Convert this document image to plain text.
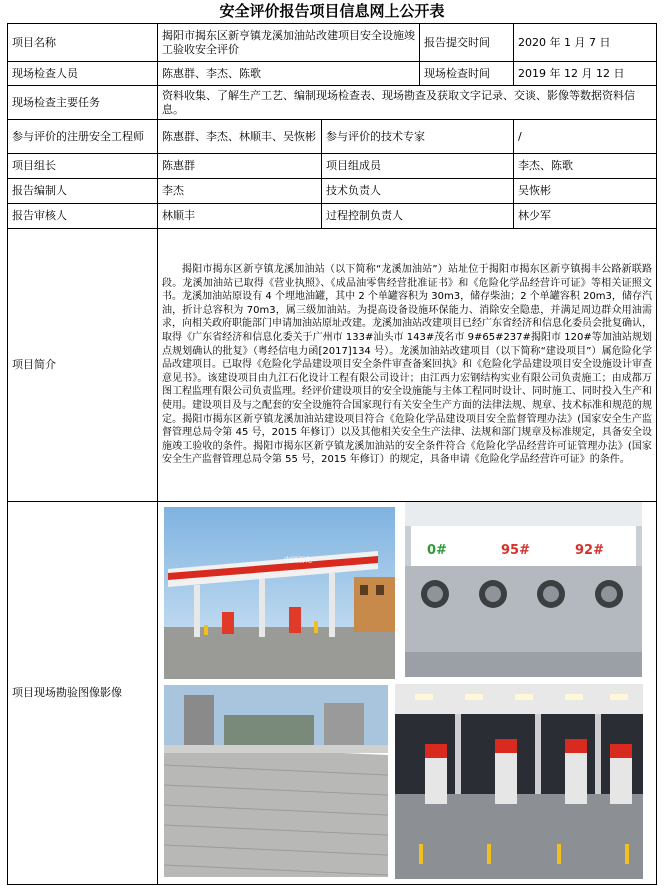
安全评价报告项目信息网上公开表
项目名称	揭阳市揭东区新亨镇龙溪加油站改建项目安全设施竣工验收安全评价		报告提交时间	2020 年 1 月 7 日
现场检查人员	陈惠群、李杰、陈歌		现场检查时间	2019 年 12 月 12 日
现场检查主要任务	资料收集、了解生产工艺、编制现场检查表、现场勘查及获取文字记录、交谈、影像等数据资料信息。			
参与评价的注册安全工程师	陈惠群、李杰、林顺丰、吴恢彬	参与评价的技术专家		/
项目组长	陈惠群	项目组成员		李杰、陈歌
报告编制人	李杰	技术负责人		吴恢彬
报告审核人	林顺丰	过程控制负责人		林少军
项目简介	揭阳市揭东区新亨镇龙溪加油站（以下简称“龙溪加油站”）站址位于揭阳市揭东区新亨镇揭丰公路新联路段。龙溪加油站已取得《营业执照》、《成品油零售经营批准证书》和《危险化学品经营许可证》等相关证照文书。龙溪加油站原设有 4 个埋地油罐，其中 2 个单罐容积为 30m3，储存柴油；2 个单罐容积 20m3，储存汽油，折计总容积为 70m3，属三级加油站。为提高设备设施环保能力、消除安全隐患，并满足周边群众用油需求，向相关政府职能部门申请加油站原址改建。龙溪加油站改建项目已经广东省经济和信息化委员会批复确认，取得《广东省经济和信息化委关于广州市 133#汕头市 143#茂名市 9#65#237#揭阳市 120#等加油站规划点规划确认的批复》（粤经信电力函[2017]134 号）。龙溪加油站改建项目（以下简称“建设项目”）属危险化学品改建项目。已取得《危险化学品建设项目安全条件审查备案回执》和《危险化学品建设项目安全设施设计审查意见书》。该建设项目由九江石化设计工程有限公司设计；由江西力宏钢结构实业有限公司负责施工；由成都万图工程监理有限公司负责监理。经评价建设项目的安全设施能与主体工程同时设计、同时施工、同时投入生产和使用。建设项目及与之配套的安全设施符合国家现行有关安全生产方面的法律法规、规章、技术标准和规范的规定。揭阳市揭东区新亨镇龙溪加油站建设项目符合《危险化学品建设项目安全监督管理办法》(国家安全生产监督管理总局令第 45 号，2015 年修订）以及其他相关安全生产法律、法规和部门规章及标准规定，具备安全设施竣工验收的条件。揭阳市揭东区新亨镇龙溪加油站的安全条件符合《危险化学品经营许可证管理办法》(国家安全生产监督管理总局令第 55 号，2015 年修订）的规定，具备申请《危险化学品经营许可证》的条件。			
项目现场勘验图像影像	中国石化
0# 95# 92#			
